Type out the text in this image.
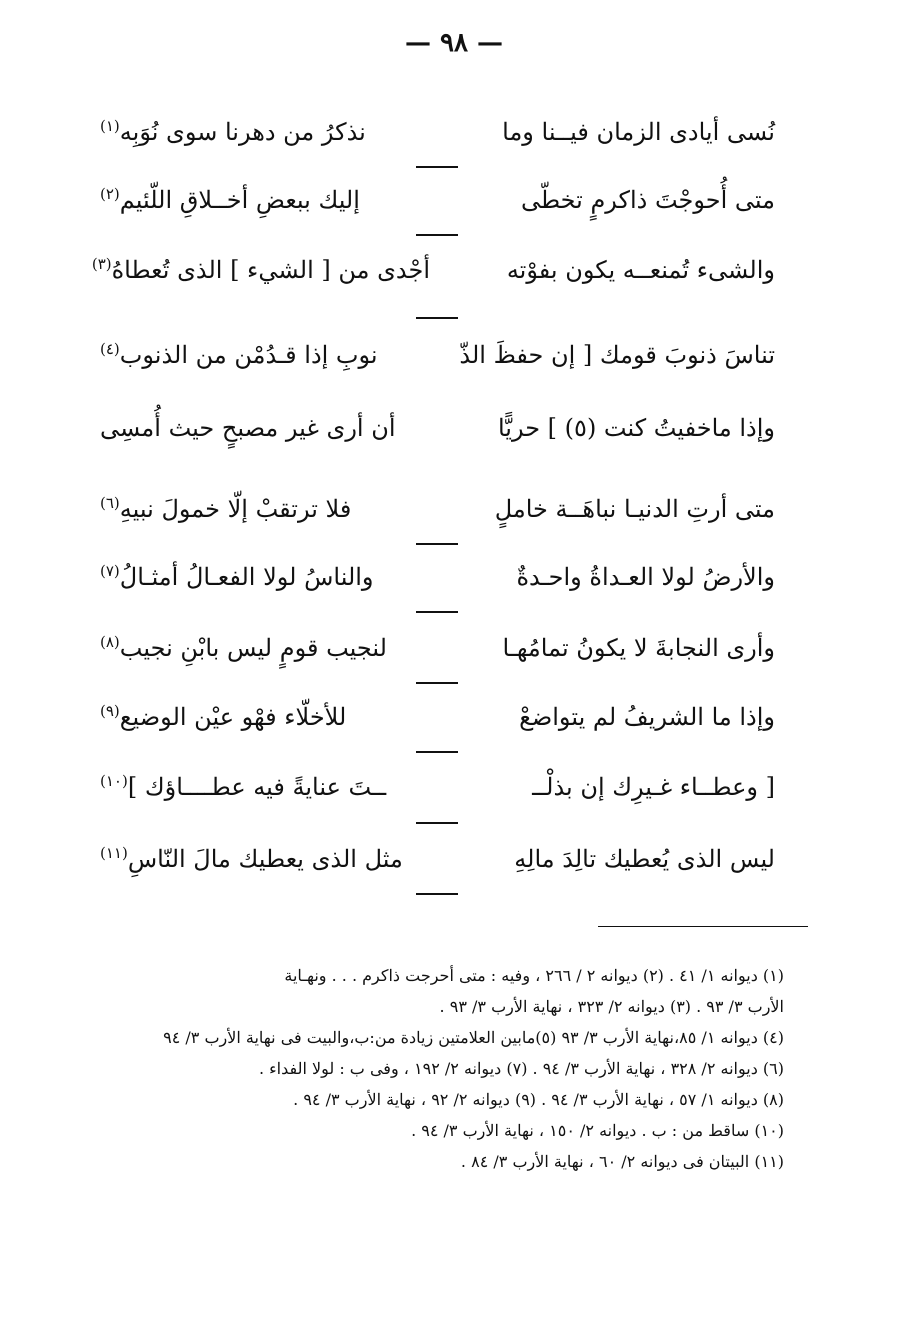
— ٩٨ —
نُسى أيادى الزمان فيــنا وما
نذكرُ من دهرنا سوى نُوَبِه$^{(١)}$
متى أُحوجْتَ ذاكرمٍ تخطّى
إليك ببعضِ أخــلاقِ اللّئيم$^{(٢)}$
والشىء تُمنعــه يكون بفوْته
أجْدى من [ الشيء ] الذى تُعطاهُ$^{(٣)}$
تناسَ ذنوبَ قومك [ إن حفظَ الذّ
نوبِ إذا قـدُمْن من الذنوب$^{(٤)}$
وإذا ماخفيتُ كنت (٥) ] حريًّا
أن أرى غير مصبحٍ حيث أُمسِى
متى أرتِ الدنيـا نباهَــة خاملٍ
فلا ترتقبْ إلّا خمولَ نبيهِ$^{(٦)}$
والأرضُ لولا العـداةُ واحـدةٌ
والناسُ لولا الفعـالُ أمثـالُ$^{(٧)}$
وأرى النجابةَ لا يكونُ تمامُهـا
لنجيب قومٍ ليس بابْنِ نجيب$^{(٨)}$
وإذا ما الشريفُ لم يتواضعْ
للأخلّاء فهْو عيْن الوضيع$^{(٩)}$
[ وعطــاء غـيرِك إن بذلْــ
ــتَ عنايةً فيه عطــــاؤك ]$^{(١٠)}$
ليس الذى يُعطيك تالِدَ مالِهِ
مثل الذى يعطيك مالَ النّاسِ$^{(١١)}$
(١) ديوانه ١/ ٤١ . (٢) ديوانه ٢ / ٢٦٦ ، وفيه : متى أحرجت ذاكرم . . . ونهـاية
الأرب ٣/ ٩٣ . (٣) ديوانه ٢/ ٣٢٣ ، نهاية الأرب ٣/ ٩٣ .
(٤) ديوانه ١/ ٨٥،نهاية الأرب ٣/ ٩٣ (٥)مابين العلامتين زيادة من:ب،والبيت فى نهاية الأرب ٣/ ٩٤
(٦) ديوانه ٢/ ٣٢٨ ، نهاية الأرب ٣/ ٩٤ . (٧) ديوانه ٢/ ١٩٢ ، وفى ب : لولا الفداء .
(٨) ديوانه ١/ ٥٧ ، نهاية الأرب ٣/ ٩٤ . (٩) ديوانه ٢/ ٩٢ ، نهاية الأرب ٣/ ٩٤ .
(١٠) ساقط من : ب . ديوانه ٢/ ١٥٠ ، نهاية الأرب ٣/ ٩٤ .
(١١) البيتان فى ديوانه ٢/ ٦٠ ، نهاية الأرب ٣/ ٨٤ .
